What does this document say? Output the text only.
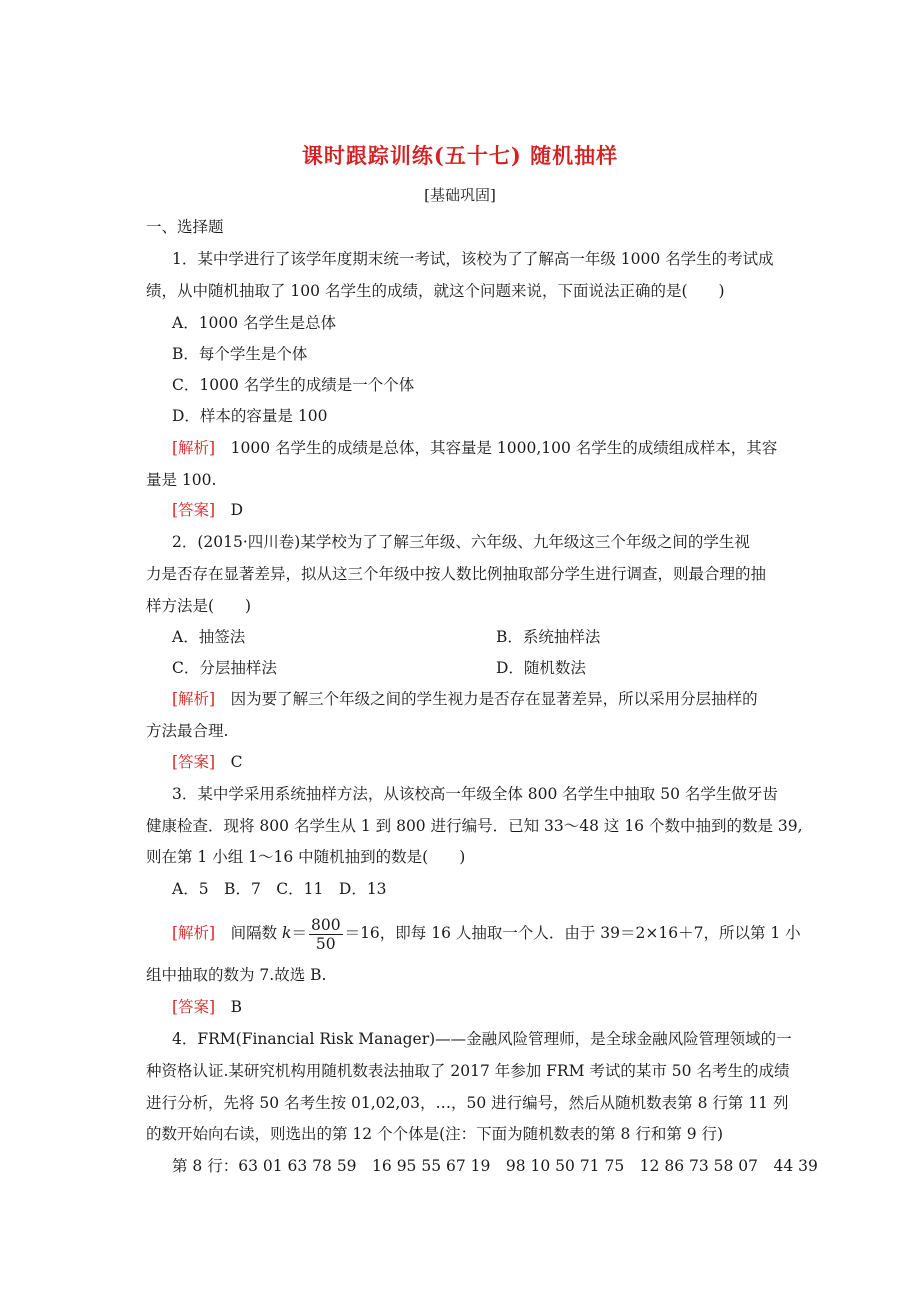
课时跟踪训练(五十七) 随机抽样
[基础巩固]
一、选择题
1．某中学进行了该学年度期末统一考试，该校为了了解高一年级 1000 名学生的考试成
绩，从中随机抽取了 100 名学生的成绩，就这个问题来说，下面说法正确的是(　　)
A．1000 名学生是总体
B．每个学生是个体
C．1000 名学生的成绩是一个个体
D．样本的容量是 100
[解析]　1000 名学生的成绩是总体，其容量是 1000,100 名学生的成绩组成样本，其容
量是 100.
[答案]　D
2．(2015·四川卷)某学校为了了解三年级、六年级、九年级这三个年级之间的学生视
力是否存在显著差异，拟从这三个年级中按人数比例抽取部分学生进行调查，则最合理的抽
样方法是(　　)
A．抽签法	B．系统抽样法
C．分层抽样法	D．随机数法
[解析]　因为要了解三个年级之间的学生视力是否存在显著差异，所以采用分层抽样的
方法最合理.
[答案]　C
3．某中学采用系统抽样方法，从该校高一年级全体 800 名学生中抽取 50 名学生做牙齿
健康检查．现将 800 名学生从 1 到 800 进行编号．已知 33～48 这 16 个数中抽到的数是 39,
则在第 1 小组 1～16 中随机抽到的数是(　　)
A．5　B．7　C．11　D．13
[解析]　间隔数 $k= \frac{800}{50} =16$，即每 16 人抽取一个人．由于 39＝2×16＋7，所以第 1 小
组中抽取的数为 7.故选 B.
[答案]　B
4．FRM(Financial Risk Manager)——金融风险管理师，是全球金融风险管理领域的一
种资格认证.某研究机构用随机数表法抽取了 2017 年参加 FRM 考试的某市 50 名考生的成绩
进行分析，先将 50 名考生按 01,02,03，…，50 进行编号，然后从随机数表第 8 行第 11 列
的数开始向右读，则选出的第 12 个个体是(注：下面为随机数表的第 8 行和第 9 行)
第 8 行：63 01 63 78 59　16 95 55 67 19　98 10 50 71 75　12 86 73 58 07　44 39
